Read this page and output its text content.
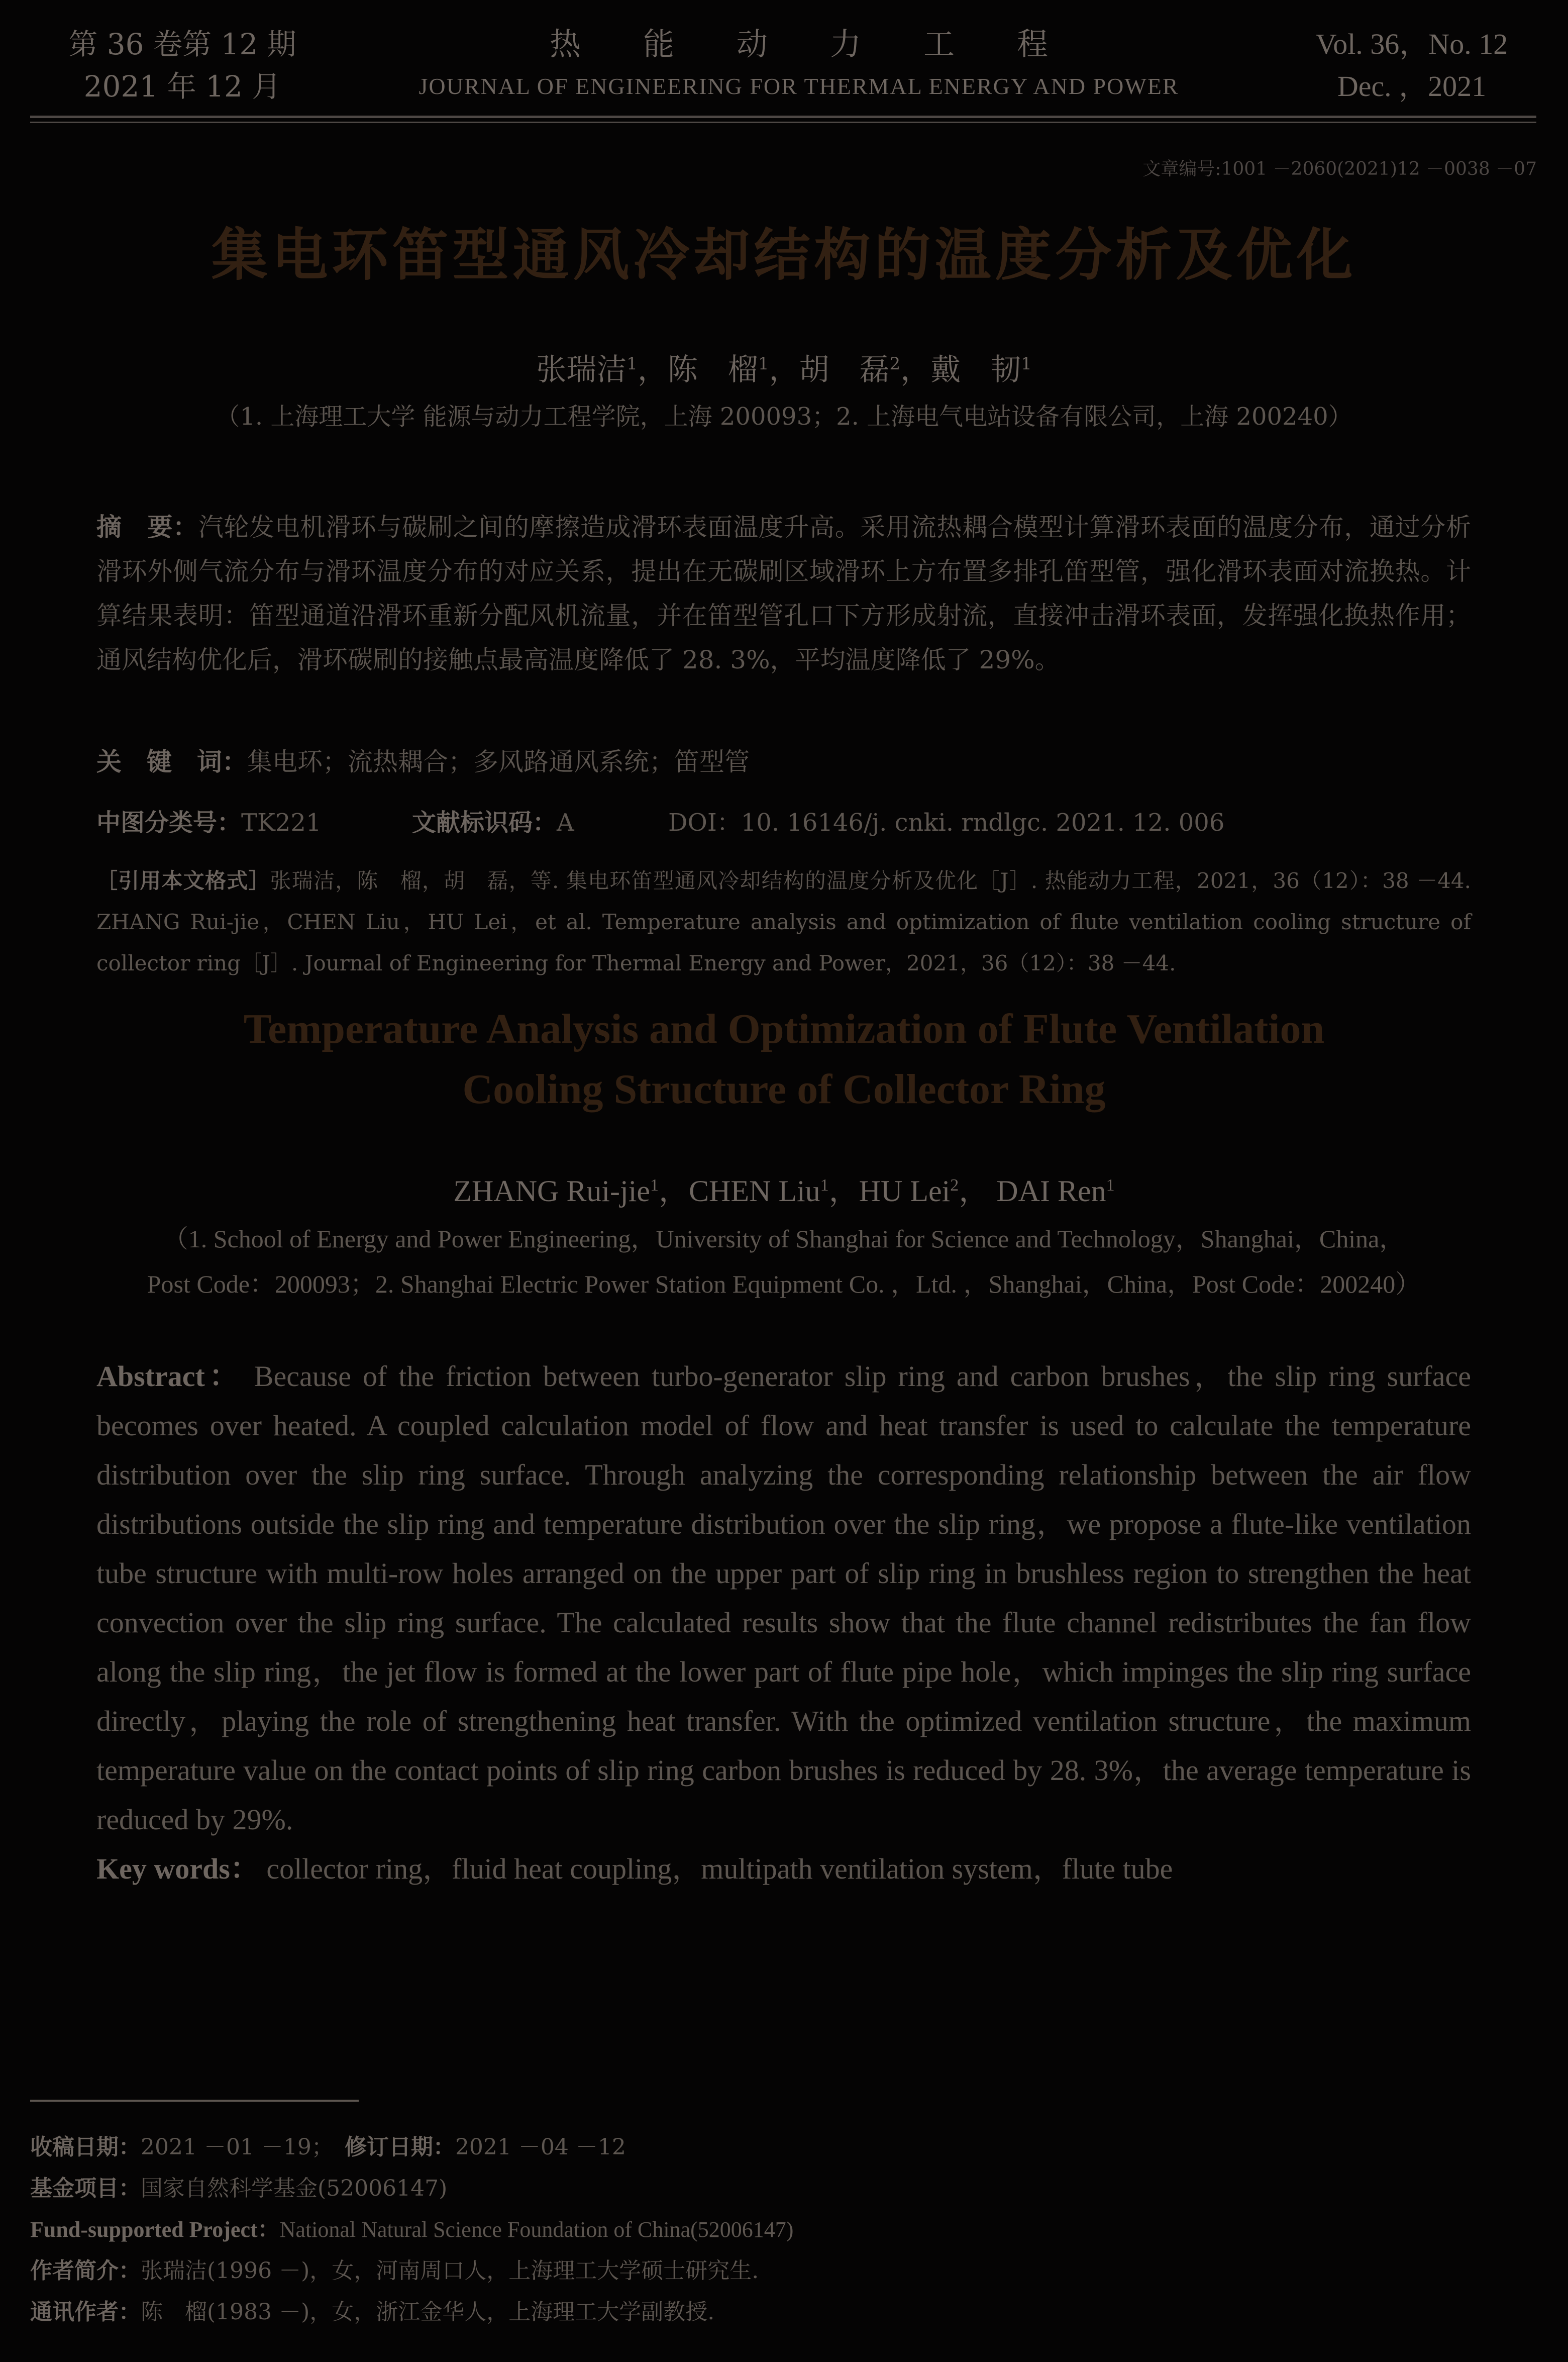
第 36 卷第 12 期
2021 年 12 月
热　　能　　动　　力　　工　　程
JOURNAL OF ENGINEERING FOR THERMAL ENERGY AND POWER
Vol. 36，No. 12
Dec. ，2021
文章编号:1001 －2060(2021)12 －0038 －07
集电环笛型通风冷却结构的温度分析及优化
张瑞洁$^1$，陈　榴$^1$，胡　磊$^2$，戴　韧$^1$
（1. 上海理工大学 能源与动力工程学院，上海 200093；2. 上海电气电站设备有限公司，上海 200240）
摘　要：汽轮发电机滑环与碳刷之间的摩擦造成滑环表面温度升高。采用流热耦合模型计算滑环表面的温度分布，通过分析滑环外侧气流分布与滑环温度分布的对应关系，提出在无碳刷区域滑环上方布置多排孔笛型管，强化滑环表面对流换热。计算结果表明：笛型通道沿滑环重新分配风机流量，并在笛型管孔口下方形成射流，直接冲击滑环表面，发挥强化换热作用；通风结构优化后，滑环碳刷的接触点最高温度降低了 28. 3%，平均温度降低了 29%。
关　键　词：集电环；流热耦合；多风路通风系统；笛型管
中图分类号：TK221	文献标识码：A	DOI：10. 16146/j. cnki. rndlgc. 2021. 12. 006
［引用本文格式］张瑞洁，陈　榴，胡　磊，等. 集电环笛型通风冷却结构的温度分析及优化［J］. 热能动力工程，2021，36（12）：38 －44. ZHANG Rui-jie，CHEN Liu，HU Lei，et al. Temperature analysis and optimization of flute ventilation cooling structure of collector ring［J］. Journal of Engineering for Thermal Energy and Power，2021，36（12）：38 －44.
Temperature Analysis and Optimization of Flute Ventilation
Cooling Structure of Collector Ring
ZHANG Rui-jie$^1$，CHEN Liu$^1$，HU Lei$^2$， DAI Ren$^1$
（1. School of Energy and Power Engineering，University of Shanghai for Science and Technology，Shanghai，China，
Post Code：200093；2. Shanghai Electric Power Station Equipment Co. ，Ltd. ，Shanghai，China，Post Code：200240）
Abstract： Because of the friction between turbo-generator slip ring and carbon brushes，the slip ring surface becomes over heated. A coupled calculation model of flow and heat transfer is used to calculate the temperature distribution over the slip ring surface. Through analyzing the corresponding relationship between the air flow distributions outside the slip ring and temperature distribution over the slip ring，we propose a flute-like ventilation tube structure with multi-row holes arranged on the upper part of slip ring in brushless region to strengthen the heat convection over the slip ring surface. The calculated results show that the flute channel redistributes the fan flow along the slip ring，the jet flow is formed at the lower part of flute pipe hole，which impinges the slip ring surface directly，playing the role of strengthening heat transfer. With the optimized ventilation structure，the maximum temperature value on the contact points of slip ring carbon brushes is reduced by 28. 3%，the average temperature is reduced by 29%.
Key words： collector ring，fluid heat coupling，multipath ventilation system，flute tube
收稿日期：2021 －01 －19；　 修订日期：2021 －04 －12
基金项目：国家自然科学基金(52006147)
Fund-supported Project：National Natural Science Foundation of China(52006147)
作者简介：张瑞洁(1996 －)，女，河南周口人，上海理工大学硕士研究生.
通讯作者：陈　榴(1983 －)，女，浙江金华人，上海理工大学副教授.
